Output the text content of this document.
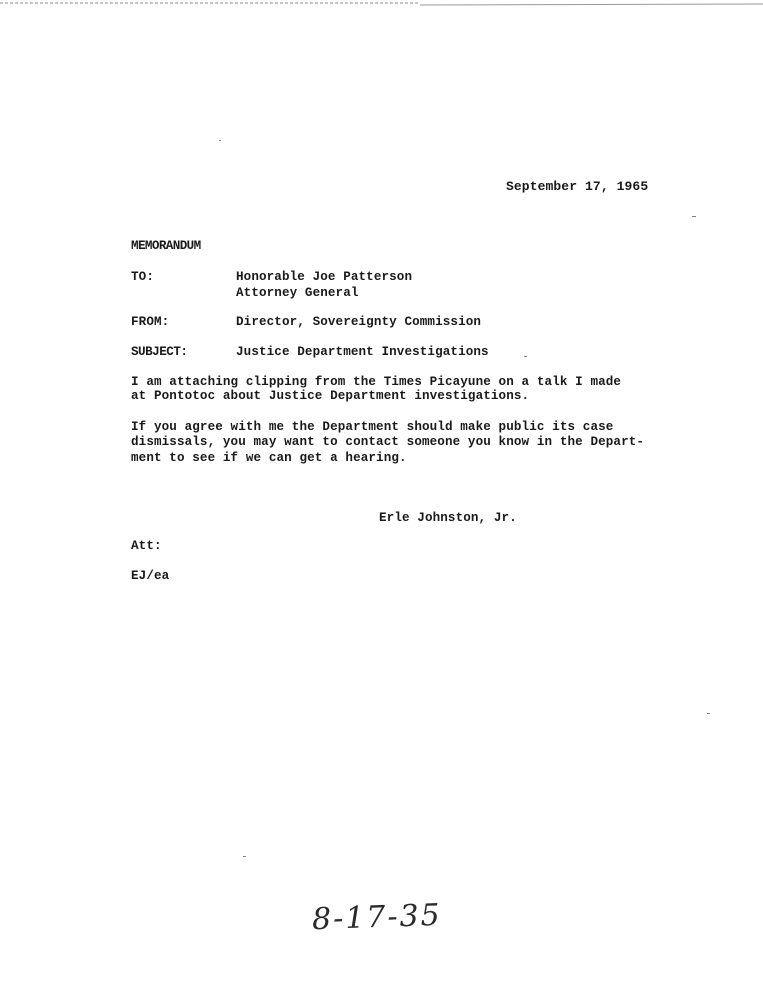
September 17, 1965
MEMORANDUM
TO:	Honorable Joe Patterson
Attorney General
FROM:	Director, Sovereignty Commission
SUBJECT:	Justice Department Investigations
I am attaching clipping from the Times Picayune on a talk I made
at Pontotoc about Justice Department investigations.
If you agree with me the Department should make public its case
dismissals, you may want to contact someone you know in the Depart-
ment to see if we can get a hearing.
Erle Johnston, Jr.
Att:
EJ/ea
8-17-35
